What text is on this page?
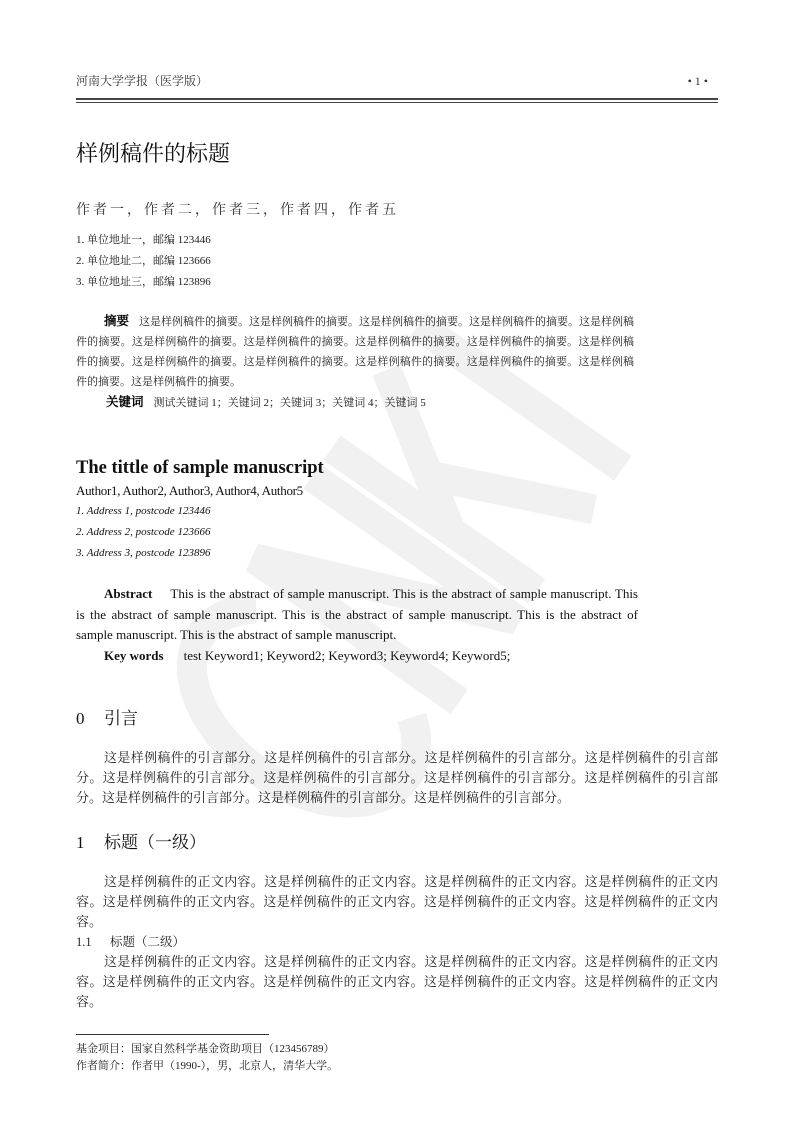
河南大学学报（医学版）	• 1 •
样例稿件的标题
作者一，作者二，作者三，作者四，作者五
1. 单位地址一，邮编 123446
2. 单位地址二，邮编 123666
3. 单位地址三，邮编 123896
摘要 这是样例稿件的摘要。这是样例稿件的摘要。这是样例稿件的摘要。这是样例稿件的摘要。这是样例稿件的摘要。这是样例稿件的摘要。这是样例稿件的摘要。这是样例稿件的摘要。这是样例稿件的摘要。这是样例稿件的摘要。这是样例稿件的摘要。这是样例稿件的摘要。这是样例稿件的摘要。这是样例稿件的摘要。这是样例稿件的摘要。这是样例稿件的摘要。
关键词 测试关键词 1；关键词 2；关键词 3；关键词 4；关键词 5
The tittle of sample manuscript
Author1, Author2, Author3, Author4, Author5
1. Address 1, postcode 123446
2. Address 2, postcode 123666
3. Address 3, postcode 123896
Abstract This is the abstract of sample manuscript. This is the abstract of sample manuscript. This is the abstract of sample manuscript. This is the abstract of sample manuscript. This is the abstract of sample manuscript. This is the abstract of sample manuscript.
Key words test Keyword1; Keyword2; Keyword3; Keyword4; Keyword5;
0 引言
这是样例稿件的引言部分。这是样例稿件的引言部分。这是样例稿件的引言部分。这是样例稿件的引言部分。这是样例稿件的引言部分。这是样例稿件的引言部分。这是样例稿件的引言部分。这是样例稿件的引言部分。这是样例稿件的引言部分。这是样例稿件的引言部分。这是样例稿件的引言部分。
1 标题（一级）
这是样例稿件的正文内容。这是样例稿件的正文内容。这是样例稿件的正文内容。这是样例稿件的正文内容。这是样例稿件的正文内容。这是样例稿件的正文内容。这是样例稿件的正文内容。这是样例稿件的正文内容。
1.1 标题（二级）
这是样例稿件的正文内容。这是样例稿件的正文内容。这是样例稿件的正文内容。这是样例稿件的正文内容。这是样例稿件的正文内容。这是样例稿件的正文内容。这是样例稿件的正文内容。这是样例稿件的正文内容。
基金项目：国家自然科学基金资助项目（123456789）
作者简介：作者甲（1990-），男，北京人，清华大学。
